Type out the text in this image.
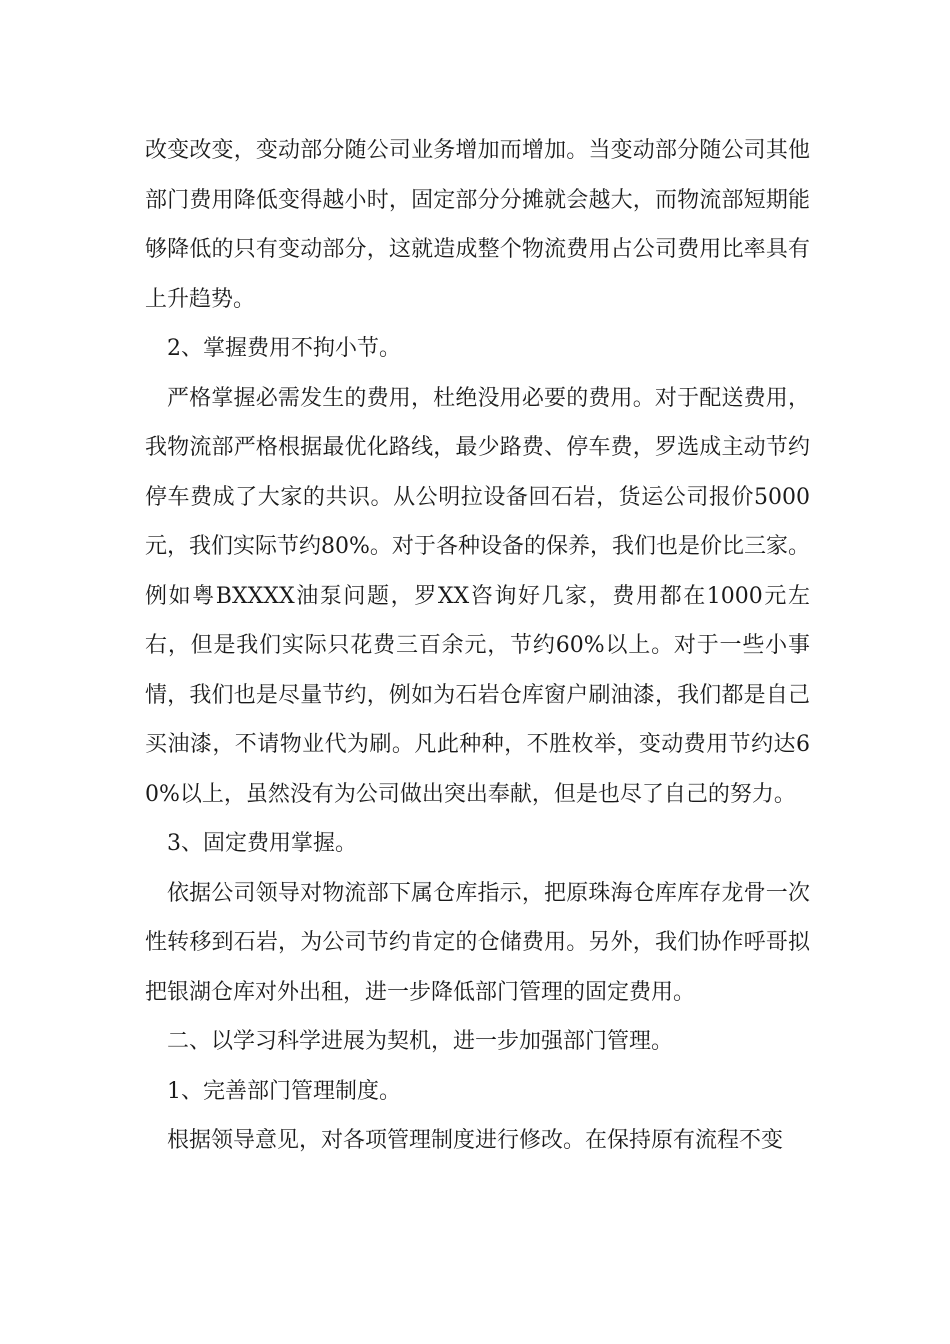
改变改变，变动部分随公司业务增加而增加。当变动部分随公司其他部门费用降低变得越小时，固定部分分摊就会越大，而物流部短期能够降低的只有变动部分，这就造成整个物流费用占公司费用比率具有上升趋势。

2、掌握费用不拘小节。

严格掌握必需发生的费用，杜绝没用必要的费用。对于配送费用，我物流部严格根据最优化路线，最少路费、停车费，罗选成主动节约停车费成了大家的共识。从公明拉设备回石岩，货运公司报价5000元，我们实际节约80%。对于各种设备的保养，我们也是价比三家。例如粤BXXXX油泵问题，罗XX咨询好几家，费用都在1000元左右，但是我们实际只花费三百余元，节约60%以上。对于一些小事情，我们也是尽量节约，例如为石岩仓库窗户刷油漆，我们都是自己买油漆，不请物业代为刷。凡此种种，不胜枚举，变动费用节约达60%以上，虽然没有为公司做出突出奉献，但是也尽了自己的努力。

3、固定费用掌握。

依据公司领导对物流部下属仓库指示，把原珠海仓库库存龙骨一次性转移到石岩，为公司节约肯定的仓储费用。另外，我们协作呼哥拟把银湖仓库对外出租，进一步降低部门管理的固定费用。

二、以学习科学进展为契机，进一步加强部门管理。

1、完善部门管理制度。

根据领导意见，对各项管理制度进行修改。在保持原有流程不变
